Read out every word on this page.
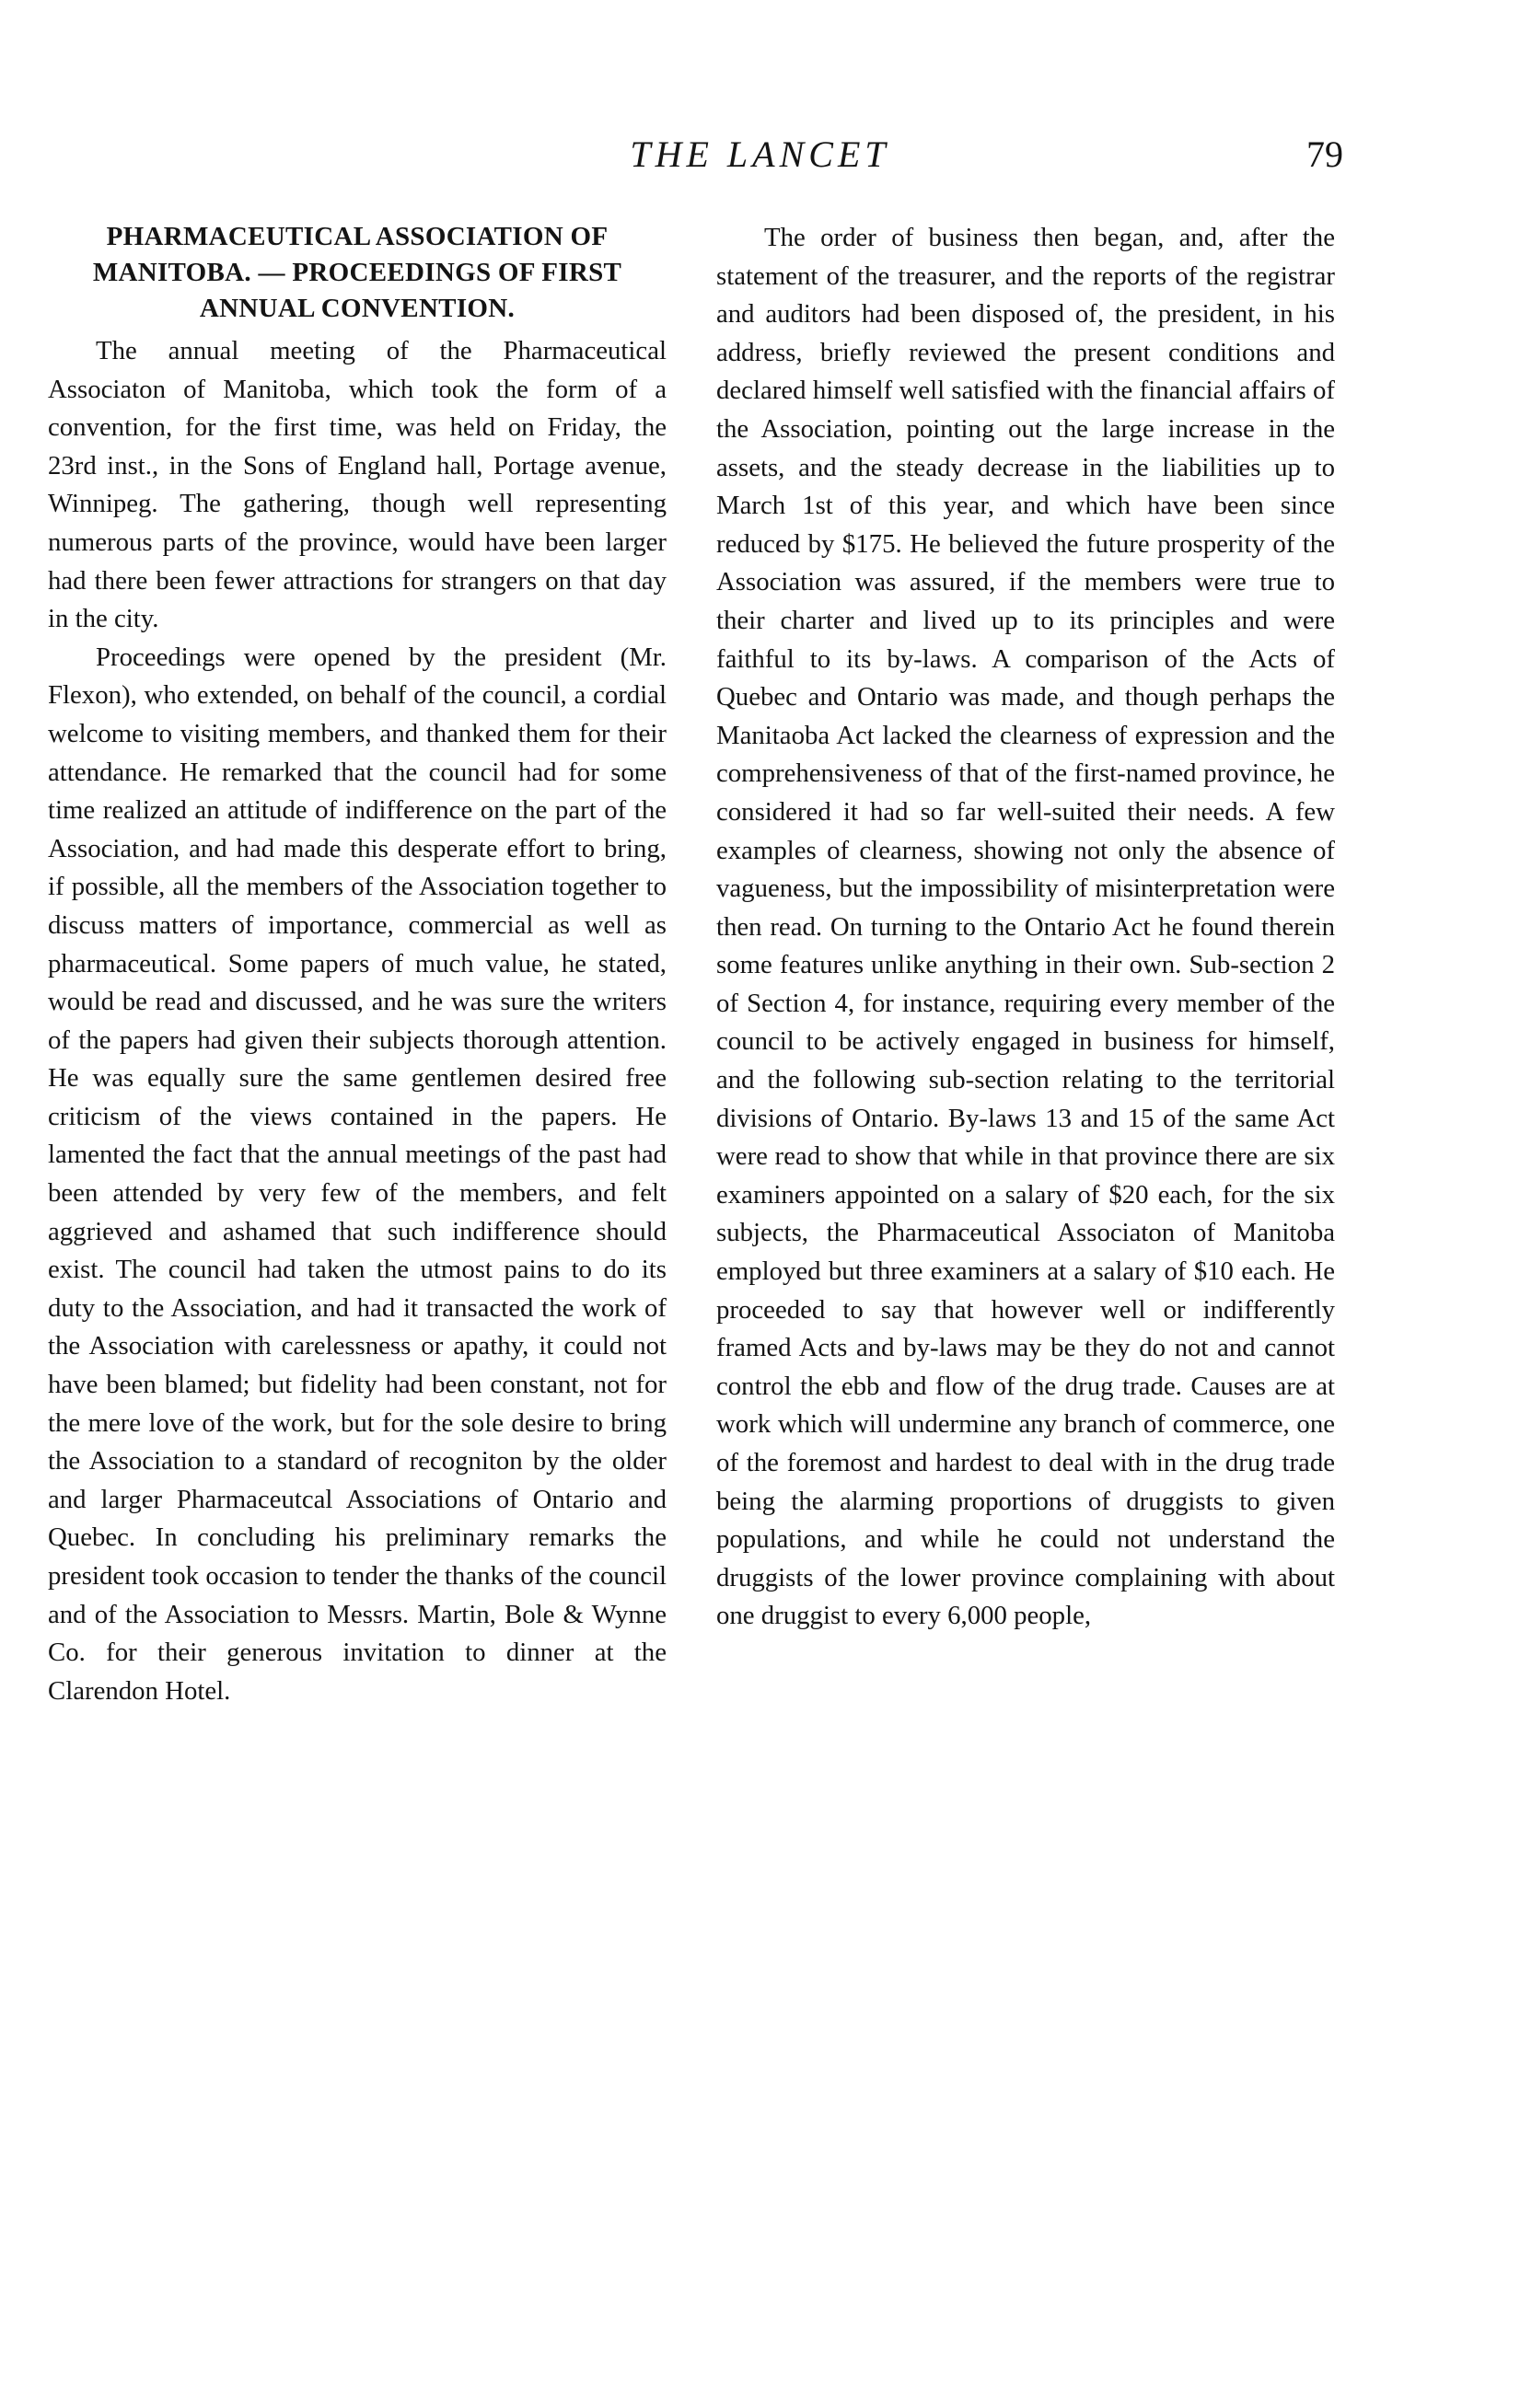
THE LANCET	79
PHARMACEUTICAL ASSOCIATION OF MANITOBA. — PROCEEDINGS OF FIRST ANNUAL CONVENTION.

The annual meeting of the Pharmaceutical Associaton of Manitoba, which took the form of a convention, for the first time, was held on Friday, the 23rd inst., in the Sons of England hall, Portage avenue, Winnipeg. The gathering, though well representing numerous parts of the province, would have been larger had there been fewer attractions for strangers on that day in the city.

Proceedings were opened by the president (Mr. Flexon), who extended, on behalf of the council, a cordial welcome to visiting members, and thanked them for their attendance. He remarked that the council had for some time realized an attitude of indifference on the part of the Association, and had made this desperate effort to bring, if possible, all the members of the Association together to discuss matters of importance, commercial as well as pharmaceutical. Some papers of much value, he stated, would be read and discussed, and he was sure the writers of the papers had given their subjects thorough attention. He was equally sure the same gentlemen desired free criticism of the views contained in the papers. He lamented the fact that the annual meetings of the past had been attended by very few of the members, and felt aggrieved and ashamed that such indifference should exist. The council had taken the utmost pains to do its duty to the Association, and had it transacted the work of the Association with carelessness or apathy, it could not have been blamed; but fidelity had been constant, not for the mere love of the work, but for the sole desire to bring the Association to a standard of recogniton by the older and larger Pharmaceutcal Associations of Ontario and Quebec. In concluding his preliminary remarks the president took occasion to tender the thanks of the council and of the Association to Messrs. Martin, Bole & Wynne Co. for their generous invitation to dinner at the Clarendon Hotel.

The order of business then began, and, after the statement of the treasurer, and the reports of the registrar and auditors had been disposed of, the president, in his address, briefly reviewed the present conditions and declared himself well satisfied with the financial affairs of the Association, pointing out the large increase in the assets, and the steady decrease in the liabilities up to March 1st of this year, and which have been since reduced by $175. He believed the future prosperity of the Association was assured, if the members were true to their charter and lived up to its principles and were faithful to its by-laws. A comparison of the Acts of Quebec and Ontario was made, and though perhaps the Manitaoba Act lacked the clearness of expression and the comprehensiveness of that of the first-named province, he considered it had so far well-suited their needs. A few examples of clearness, showing not only the absence of vagueness, but the impossibility of misinterpretation were then read. On turning to the Ontario Act he found therein some features unlike anything in their own. Sub-section 2 of Section 4, for instance, requiring every member of the council to be actively engaged in business for himself, and the following sub-section relating to the territorial divisions of Ontario. By-laws 13 and 15 of the same Act were read to show that while in that province there are six examiners appointed on a salary of $20 each, for the six subjects, the Pharmaceutical Associaton of Manitoba employed but three examiners at a salary of $10 each. He proceeded to say that however well or indifferently framed Acts and by-laws may be they do not and cannot control the ebb and flow of the drug trade. Causes are at work which will undermine any branch of commerce, one of the foremost and hardest to deal with in the drug trade being the alarming proportions of druggists to given populations, and while he could not understand the druggists of the lower province complaining with about one druggist to every 6,000 people,
